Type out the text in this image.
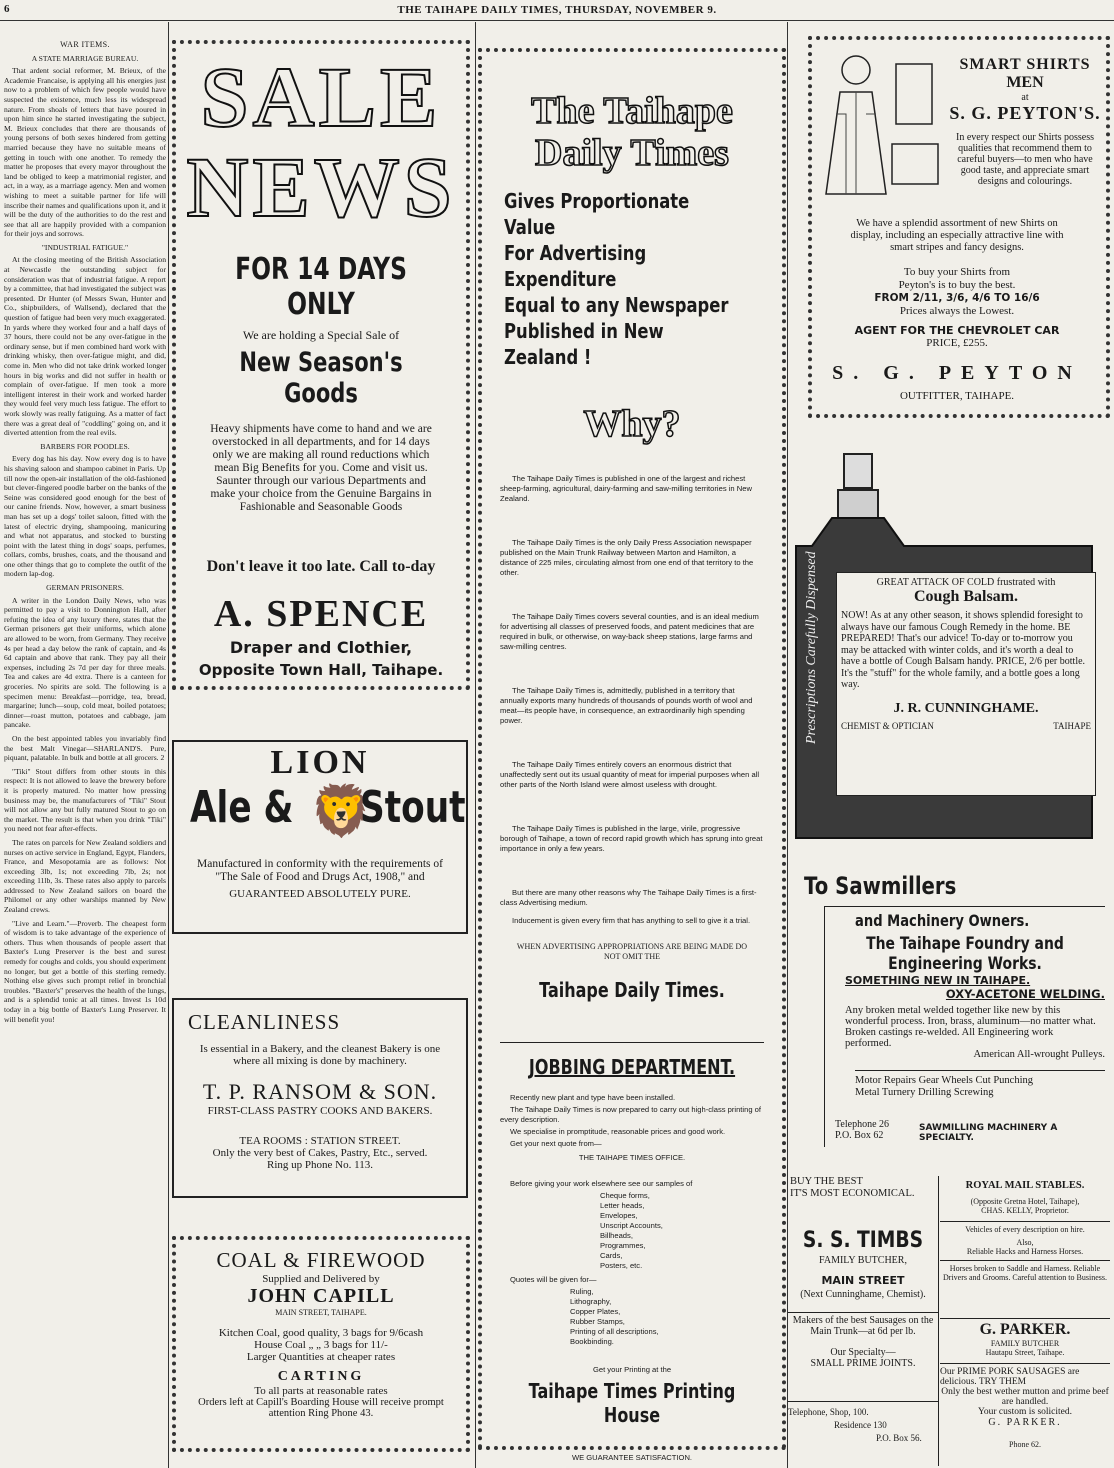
6	THE TAIHAPE DAILY TIMES, THURSDAY, NOVEMBER 9.
WAR ITEMS.
A STATE MARRIAGE BUREAU.

That ardent social reformer, M. Brieux, of the Academie Francaise, is applying all his energies just now to a problem of which few people would have suspected the existence, much less its widespread nature. From shoals of letters that have poured in upon him since he started investigating the subject, M. Brieux concludes that there are thousands of young persons of both sexes hindered from getting married because they have no suitable means of getting in touch with one another. To remedy the matter he proposes that every mayor throughout the land be obliged to keep a matrimonial register, and act, in a way, as a marriage agency. Men and women wishing to meet a suitable partner for life will inscribe their names and qualifications upon it, and it will be the duty of the authorities to do the rest and see that all are happily provided with a companion for their joys and sorrows.

"INDUSTRIAL FATIGUE."

At the closing meeting of the British Association at Newcastle the outstanding subject for consideration was that of industrial fatigue. A report by a committee, that had investigated the subject was presented. Dr Hunter (of Messrs Swan, Hunter and Co., shipbuilders, of Wallsend), declared that the question of fatigue had been very much exaggerated. In yards where they worked four and a half days of 37 hours, there could not be any over-fatigue in the ordinary sense, but if men combined hard work with drinking whisky, then over-fatigue might, and did, come in. Men who did not take drink worked longer hours in big works and did not suffer in health or complain of over-fatigue. If men took a more intelligent interest in their work and worked harder they would feel very much less fatigue. The effort to work slowly was really fatiguing. As a matter of fact there was a great deal of "coddling" going on, and it diverted attention from the real evils.

BARBERS FOR POODLES.

Every dog has his day. Now every dog is to have his shaving saloon and shampoo cabinet in Paris. Up till now the open-air installation of the old-fashioned but clever-fingered poodle barber on the banks of the Seine was considered good enough for the best of our canine friends. Now, however, a smart business man has set up a dogs' toilet saloon, fitted with the latest of electric drying, shampooing, manicuring and what not apparatus, and stocked to bursting point with the latest thing in dogs' soaps, perfumes, collars, combs, brushes, coats, and the thousand and one other things that go to complete the outfit of the modern lap-dog.

GERMAN PRISONERS.

A writer in the London Daily News, who was permitted to pay a visit to Donnington Hall, after refuting the idea of any luxury there, states that the German prisoners get their uniforms, which alone are allowed to be worn, from Germany. They receive 4s per head a day below the rank of captain, and 4s 6d captain and above that rank. They pay all their expenses, including 2s 7d per day for three meals. Tea and cakes are 4d extra. There is a canteen for groceries. No spirits are sold. The following is a specimen menu: Breakfast—porridge, tea, bread, margarine; lunch—soup, cold meat, boiled potatoes; dinner—roast mutton, potatoes and cabbage, jam pancake.

On the best appointed tables you invariably find the best Malt Vinegar—SHARLAND'S. Pure, piquant, palatable. In bulk and bottle at all grocers. 2

"Tiki" Stout differs from other stouts in this respect: It is not allowed to leave the brewery before it is properly matured. No matter how pressing business may be, the manufacturers of "Tiki" Stout will not allow any but fully matured Stout to go on the market. The result is that when you drink "Tiki" you need not fear after-effects.

The rates on parcels for New Zealand soldiers and nurses on active service in England, Egypt, Flanders, France, and Mesopotamia are as follows: Not exceeding 3lb, 1s; not exceeding 7lb, 2s; not exceeding 11lb, 3s. These rates also apply to parcels addressed to New Zealand sailors on board the Philomel or any other warships manned by New Zealand crews.

"Live and Learn."—Proverb. The cheapest form of wisdom is to take advantage of the experience of others. Thus when thousands of people assert that Baxter's Lung Preserver is the best and surest remedy for coughs and colds, you should experiment no longer, but get a bottle of this sterling remedy. Nothing else gives such prompt relief in bronchial troubles. "Baxter's" preserves the health of the lungs, and is a splendid tonic at all times. Invest 1s 10d today in a big bottle of Baxter's Lung Preserver. It will benefit you!

SALE
NEWS
FOR 14 DAYS ONLY
We are holding a Special Sale of
New Season's Goods
Heavy shipments have come to hand and we are overstocked in all departments, and for 14 days only we are making all round reductions which mean Big Benefits for you. Come and visit us. Saunter through our various Departments and make your choice from the Genuine Bargains in Fashionable and Seasonable Goods
Don't leave it too late. Call to-day
A. SPENCE
Draper and Clothier,
Opposite Town Hall, Taihape.
LION
Ale & 🦁
Stout
Manufactured in conformity with the requirements of "The Sale of Food and Drugs Act, 1908," and
GUARANTEED ABSOLUTELY PURE.
CLEANLINESS
Is essential in a Bakery, and the cleanest Bakery is one where all mixing is done by machinery.
T. P. RANSOM & SON.
FIRST-CLASS PASTRY COOKS AND BAKERS.
TEA ROOMS : STATION STREET.
Only the very best of Cakes, Pastry, Etc., served.
Ring up Phone No. 113.
COAL & FIREWOOD
Supplied and Delivered by
JOHN CAPILL
MAIN STREET, TAIHAPE.
Kitchen Coal, good quality, 3 bags for 9/6cash
House Coal „ „ 3 bags for 11/-
Larger Quantities at cheaper rates
CARTING
To all parts at reasonable rates
Orders left at Capill's Boarding House will receive prompt attention Ring Phone 43.
The Taihape
Daily Times
Gives Proportionate Value
For Advertising Expenditure
Equal to any Newspaper
Published in New Zealand !
Why?

The Taihape Daily Times is published in one of the largest and richest sheep-farming, agricultural, dairy-farming and saw-milling territories in New Zealand.

The Taihape Daily Times is the only Daily Press Association newspaper published on the Main Trunk Railway between Marton and Hamilton, a distance of 225 miles, circulating almost from one end of that territory to the other.

The Taihape Daily Times covers several counties, and is an ideal medium for advertising all classes of preserved foods, and patent medicines that are required in bulk, or otherwise, on way-back sheep stations, large farms and saw-milling centres.

The Taihape Daily Times is, admittedly, published in a territory that annually exports many hundreds of thousands of pounds worth of wool and meat—its people have, in consequence, an extraordinarily high spending power.

The Taihape Daily Times entirely covers an enormous district that unaffectedly sent out its usual quantity of meat for imperial purposes when all other parts of the North Island were almost useless with drought.

The Taihape Daily Times is published in the large, virile, progressive borough of Taihape, a town of record rapid growth which has sprung into great importance in only a few years.

But there are many other reasons why The Taihape Daily Times is a first-class Advertising medium.

Inducement is given every firm that has anything to sell to give it a trial.

WHEN ADVERTISING APPROPRIATIONS ARE BEING MADE DO NOT OMIT THE
Taihape Daily Times.
JOBBING DEPARTMENT.

Recently new plant and type have been installed.

The Taihape Daily Times is now prepared to carry out high-class printing of every description.

We specialise in promptitude, reasonable prices and good work.

Get your next quote from—

THE TAIHAPE TIMES OFFICE.

Before giving your work elsewhere see our samples of

Cheque forms,
Letter heads,
Envelopes,
Unscript Accounts,
Billheads,
Programmes,
Cards,
Posters, etc.

Quotes will be given for—

Ruling,
Lithography,
Copper Plates,
Rubber Stamps,
Printing of all descriptions,
Bookbinding.
Get your Printing at the
Taihape Times Printing House
WE GUARANTEE SATISFACTION.
SMART SHIRTS
MEN
at
S. G. PEYTON'S.
In every respect our Shirts possess qualities that recommend them to careful buyers—to men who have good taste, and appreciate smart designs and colourings.
We have a splendid assortment of new Shirts on display, including an especially attractive line with smart stripes and fancy designs.
To buy your Shirts from
Peyton's is to buy the best.
FROM 2/11, 3/6, 4/6 TO 16/6
Prices always the Lowest.
AGENT FOR THE CHEVROLET CAR
PRICE, £255.
S. G. PEYTON
OUTFITTER, TAIHAPE.
Prescriptions Carefully Dispensed	GREAT ATTACK OF COLD frustrated with
Cough Balsam.
NOW! As at any other season, it shows splendid foresight to always have our famous Cough Remedy in the home. BE PREPARED! That's our advice! To-day or to-morrow you may be attacked with winter colds, and it's worth a deal to have a bottle of Cough Balsam handy. PRICE, 2/6 per bottle. It's the "stuff" for the whole family, and a bottle goes a long way.
J. R. CUNNINGHAME.
CHEMIST & OPTICIAN	TAIHAPE
To Sawmillers
and Machinery Owners.
The Taihape Foundry and
Engineering Works.
SOMETHING NEW IN TAIHAPE.
OXY-ACETONE WELDING.
Any broken metal welded together like new by this wonderful process. Iron, brass, aluminum—no matter what. Broken castings re-welded. All Engineering work performed.
American All-wrought Pulleys.
Motor Repairs Gear Wheels Cut Punching
Metal Turnery Drilling Screwing
Telephone 26
P.O. Box 62
SAWMILLING MACHINERY A SPECIALTY.
BUY THE BEST
IT'S MOST ECONOMICAL.
S. S. TIMBS
FAMILY BUTCHER,
MAIN STREET
(Next Cunninghame, Chemist).
Makers of the best Sausages on the Main Trunk—at 6d per lb.
Our Specialty—
SMALL PRIME JOINTS.
Telephone, Shop, 100.
Residence 130
P.O. Box 56.
ROYAL MAIL STABLES.
(Opposite Gretna Hotel, Taihape),
CHAS. KELLY, Proprietor.
Vehicles of every description on hire.
Also,
Reliable Hacks and Harness Horses.
Horses broken to Saddle and Harness. Reliable Drivers and Grooms. Careful attention to Business.
G. PARKER.
FAMILY BUTCHER
Hautapu Street, Taihape.
Our PRIME PORK SAUSAGES are delicious. TRY THEM
Only the best wether mutton and prime beef are handled.
Your custom is solicited.
G. PARKER.
Phone 62.
